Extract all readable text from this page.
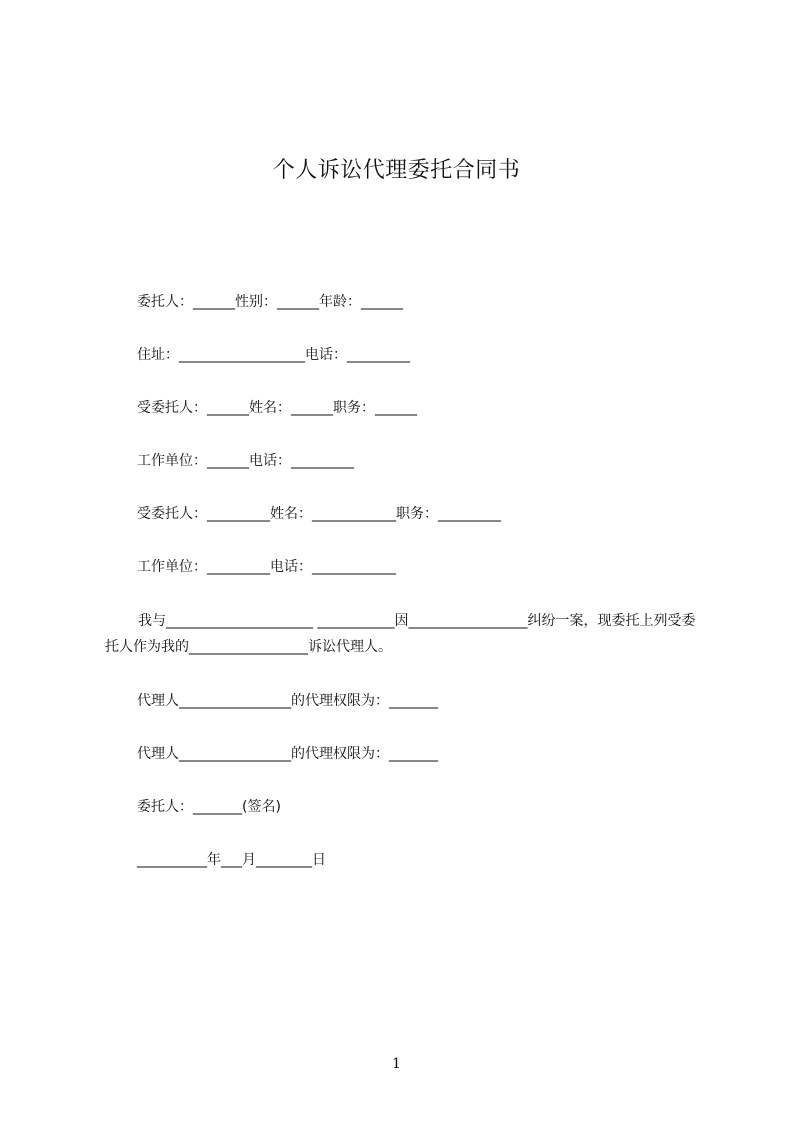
个人诉讼代理委托合同书
委托人：______性别：______年龄：______
住址：__________________电话：_________
受委托人：______姓名：______职务：______
工作单位：______电话：_________
受委托人：_________姓名：____________职务：_________
工作单位：_________电话：____________
我与_____________________ ___________因_________________纠纷一案，现委托上列受委托人作为我的_________________诉讼代理人。
代理人________________的代理权限为：_______
代理人________________的代理权限为：_______
委托人：_______(签名)
__________年___月________日
1
